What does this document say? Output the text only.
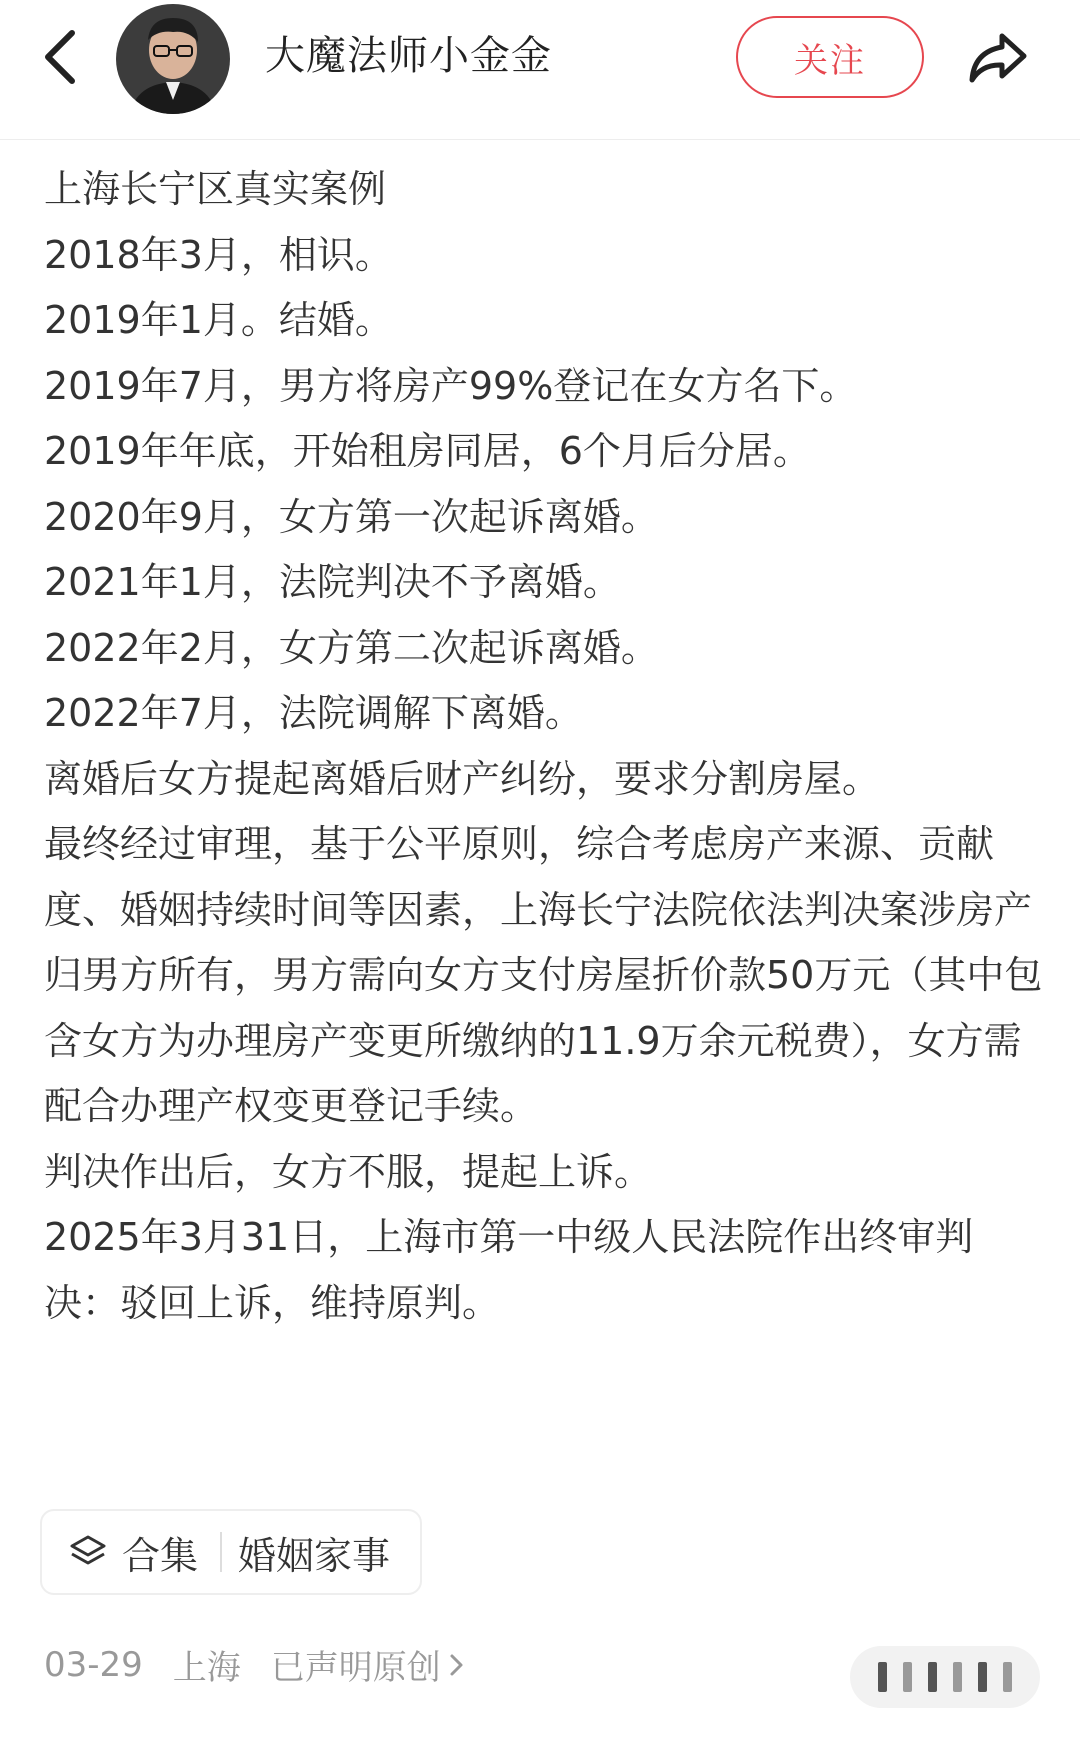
大魔法师小金金	关注

上海长宁区真实案例

2018年3月，相识。

2019年1月。结婚。

2019年7月，男方将房产99%登记在女方名下。

2019年年底，开始租房同居，6个月后分居。

2020年9月，女方第一次起诉离婚。

2021年1月，法院判决不予离婚。

2022年2月，女方第二次起诉离婚。

2022年7月，法院调解下离婚。

离婚后女方提起离婚后财产纠纷，要求分割房屋。

最终经过审理，基于公平原则，综合考虑房产来源、贡献度、婚姻持续时间等因素，上海长宁法院依法判决案涉房产归男方所有，男方需向女方支付房屋折价款50万元（其中包含女方为办理房产变更所缴纳的11.9万余元税费），女方需配合办理产权变更登记手续。

判决作出后，女方不服，提起上诉。

2025年3月31日，上海市第一中级人民法院作出终审判决：驳回上诉，维持原判。

合集 婚姻家事
03-29 上海 已声明原创
